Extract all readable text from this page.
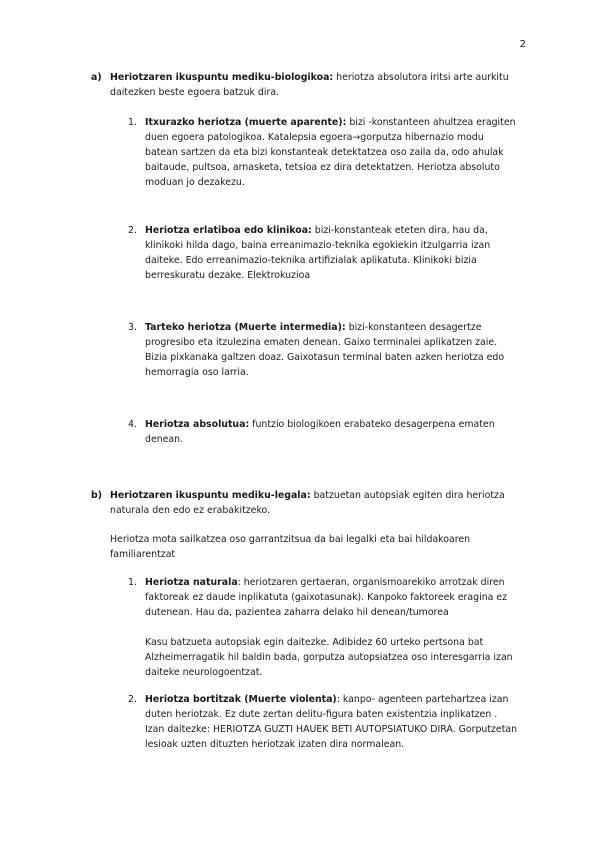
2
a) Heriotzaren ikuspuntu mediku-biologikoa: heriotza absolutora iritsi arte aurkitu daitezken beste egoera batzuk dira.

1. Itxurazko heriotza (muerte aparente): bizi -konstanteen ahultzea eragiten duen egoera patologikoa. Katalepsia egoera→gorputza hibernazio modu batean sartzen da eta bizi konstanteak detektatzea oso zaila da, odo ahulak baitaude, pultsoa, arnasketa, tetsioa ez dira detektatzen. Heriotza absoluto moduan jo dezakezu.

2. Heriotza erlatiboa edo klinikoa: bizi-konstanteak eteten dira, hau da, klinikoki hilda dago, baina erreanimazio-teknika egokiekin itzulgarria izan daiteke. Edo erreanimazio-teknika artifizialak aplikatuta. Klinikoki bizia berreskuratu dezake. Elektrokuzioa

3. Tarteko heriotza (Muerte intermedia): bizi-konstanteen desagertze progresibo eta itzulezina ematen denean. Gaixo terminalei aplikatzen zaie. Bizia pixkanaka galtzen doaz. Gaixotasun terminal baten azken heriotza edo hemorragia oso larria.

4. Heriotza absolutua: funtzio biologikoen erabateko desagerpena ematen denean.

b) Heriotzaren ikuspuntu mediku-legala: batzuetan autopsiak egiten dira heriotza naturala den edo ez erabakitzeko.

Heriotza mota sailkatzea oso garrantzitsua da bai legalki eta bai hildakoaren familiarentzat

1. Heriotza naturala: heriotzaren gertaeran, organismoarekiko arrotzak diren faktoreak ez daude inplikatuta (gaixotasunak). Kanpoko faktoreek eragina ez dutenean. Hau da, pazientea zaharra delako hil denean/tumorea

Kasu batzueta autopsiak egin daitezke. Adibidez 60 urteko pertsona bat Alzheimerragatik hil baldin bada, gorputza autopsiatzea oso interesgarria izan daiteke neurologoentzat.

2. Heriotza bortitzak (Muerte violenta): kanpo- agenteen partehartzea izan duten heriotzak. Ez dute zertan delitu-figura baten existentzia inplikatzen . Izan daitezke: HERIOTZA GUZTI HAUEK BETI AUTOPSIATUKO DIRA. Gorputzetan lesioak uzten dituzten heriotzak izaten dira normalean.
